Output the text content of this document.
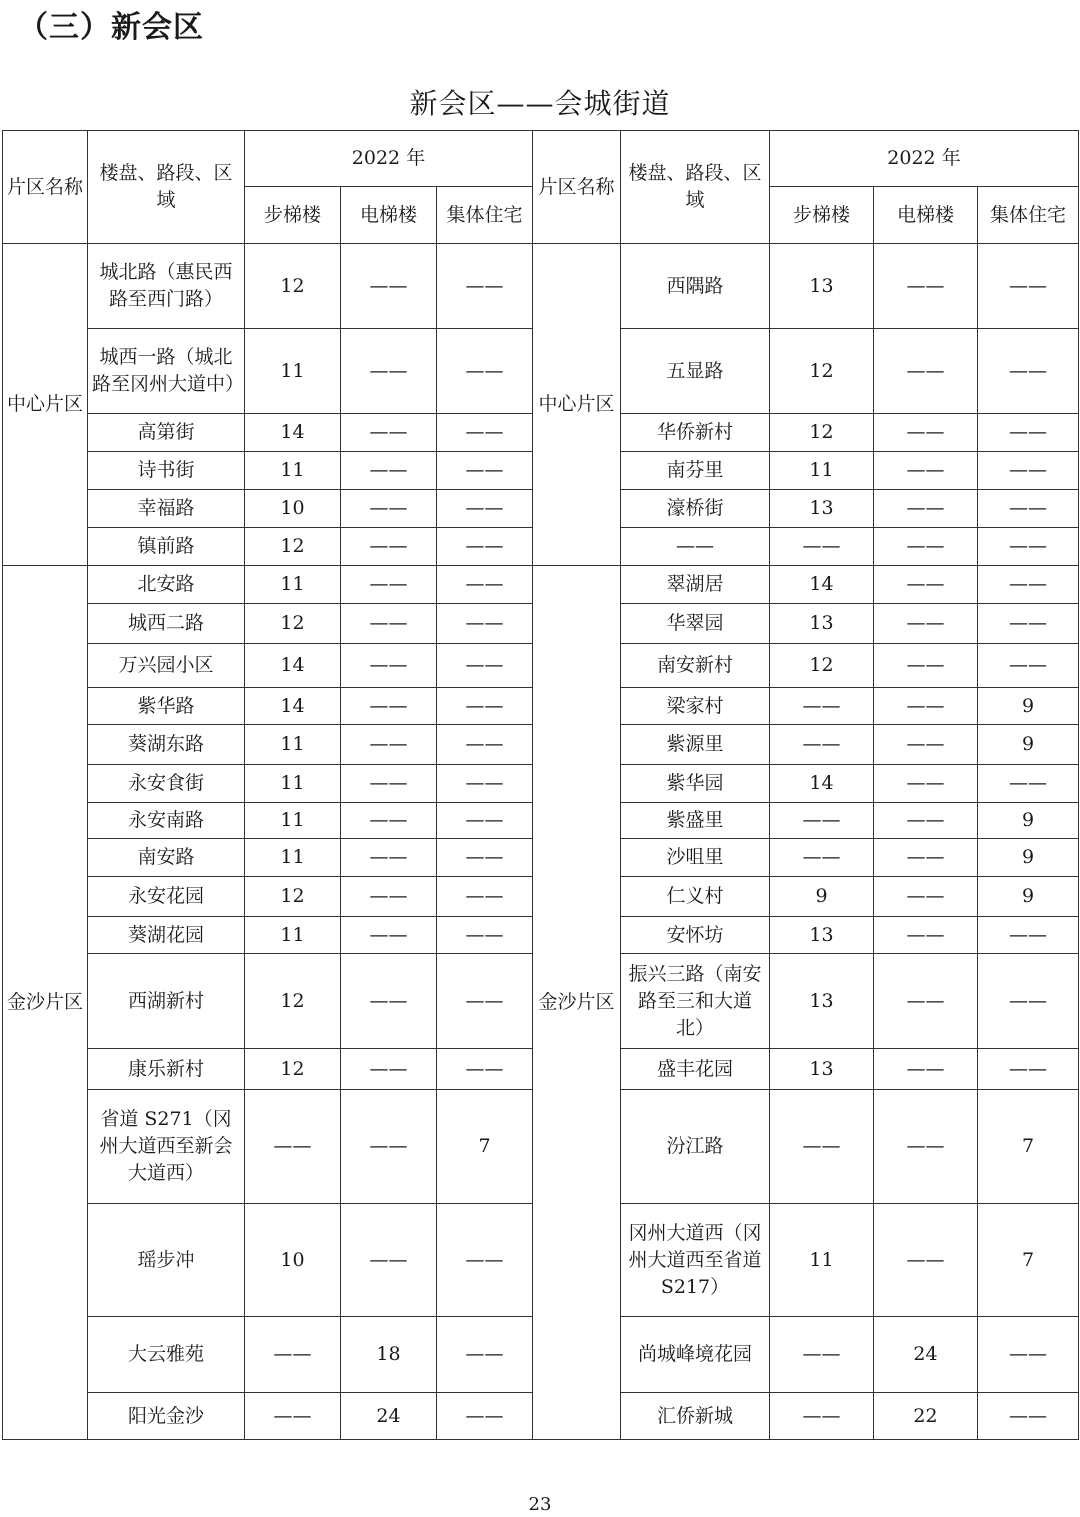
（三）新会区
新会区——会城街道
片区名称	楼盘、路段、区域	2022 年			片区名称	楼盘、路段、区域	2022 年		
		步梯楼	电梯楼	集体住宅			步梯楼	电梯楼	集体住宅
中心片区	城北路（惠民西路至西门路）	12	——	——	中心片区	西隅路	13	——	——
	城西一路（城北路至冈州大道中）	11	——	——		五显路	12	——	——
	高第街	14	——	——		华侨新村	12	——	——
	诗书街	11	——	——		南芬里	11	——	——
	幸福路	10	——	——		濠桥街	13	——	——
	镇前路	12	——	——		——	——	——	——
金沙片区	北安路	11	——	——	金沙片区	翠湖居	14	——	——
	城西二路	12	——	——		华翠园	13	——	——
	万兴园小区	14	——	——		南安新村	12	——	——
	紫华路	14	——	——		梁家村	——	——	9
	葵湖东路	11	——	——		紫源里	——	——	9
	永安食街	11	——	——		紫华园	14	——	——
	永安南路	11	——	——		紫盛里	——	——	9
	南安路	11	——	——		沙咀里	——	——	9
	永安花园	12	——	——		仁义村	9	——	9
	葵湖花园	11	——	——		安怀坊	13	——	——
	西湖新村	12	——	——		振兴三路（南安路至三和大道北）	13	——	——
	康乐新村	12	——	——		盛丰花园	13	——	——
	省道 S271（冈州大道西至新会大道西）	——	——	7		汾江路	——	——	7
	瑶步冲	10	——	——		冈州大道西（冈州大道西至省道 S217）	11	——	7
	大云雅苑	——	18	——		尚城峰境花园	——	24	——
	阳光金沙	——	24	——		汇侨新城	——	22	——
23
